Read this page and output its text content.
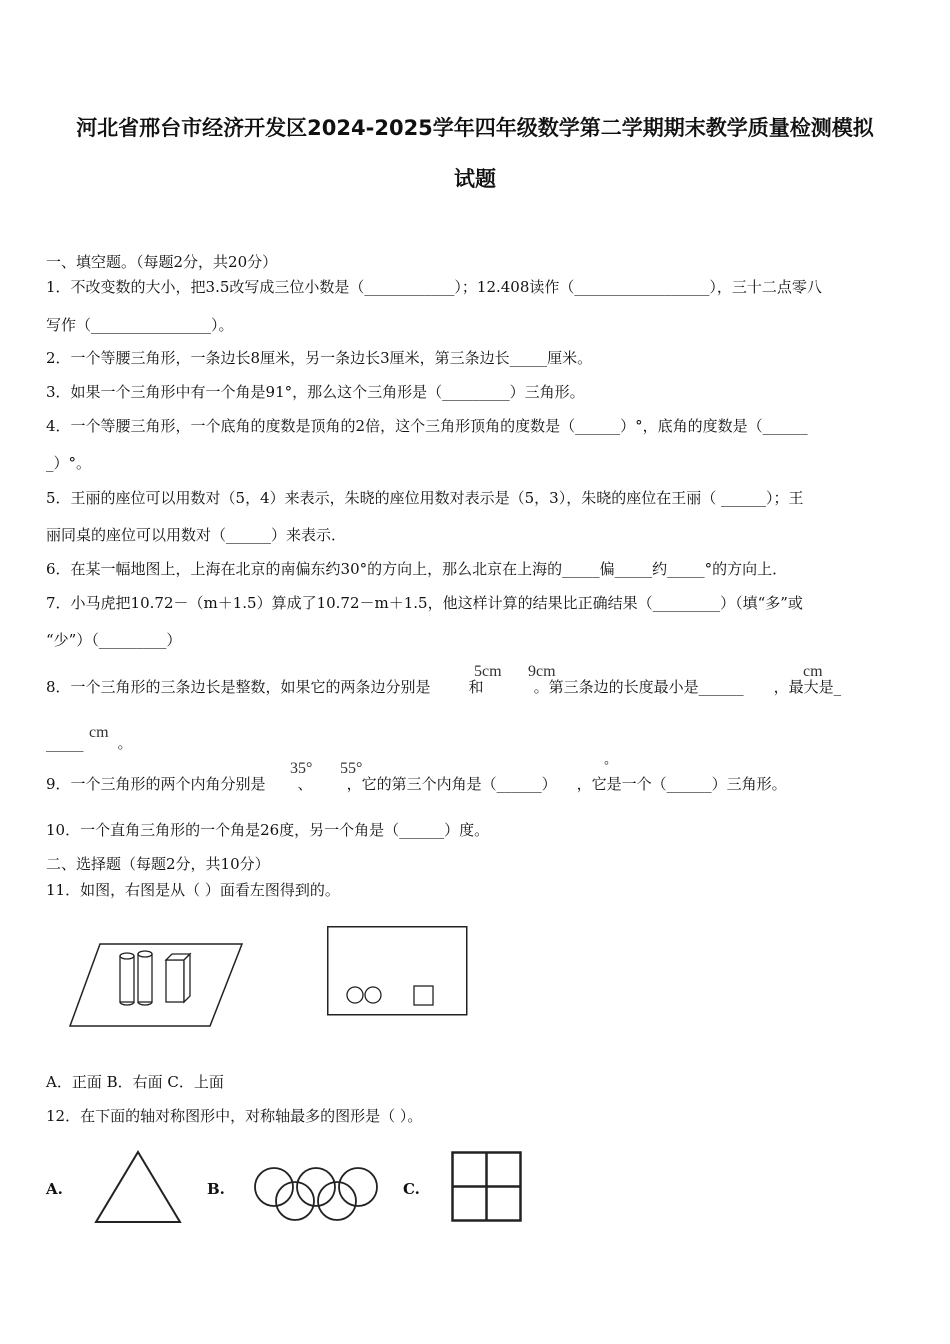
河北省邢台市经济开发区2024-2025学年四年级数学第二学期期末教学质量检测模拟
试题
一、填空题。（每题2分，共20分）
1．不改变数的大小，把3.5改写成三位小数是（____________）；12.408读作（__________________），三十二点零八
写作（________________）。
2．一个等腰三角形，一条边长8厘米，另一条边长3厘米，第三条边长_____厘米。
3．如果一个三角形中有一个角是91°，那么这个三角形是（_________）三角形。
4．一个等腰三角形，一个底角的度数是顶角的2倍，这个三角形顶角的度数是（______）°，底角的度数是（______
_）°。
5．王丽的座位可以用数对（5，4）来表示，朱晓的座位用数对表示是（5，3），朱晓的座位在王丽（ ______）；王
丽同桌的座位可以用数对（______）来表示．
6．在某一幅地图上，上海在北京的南偏东约30°的方向上，那么北京在上海的_____偏_____约_____°的方向上．
7．小马虎把10.72－（m＋1.5）算成了10.72－m＋1.5，他这样计算的结果比正确结果（_________）（填“多”或
“少”）（_________）
8．一个三角形的三条边长是整数，如果它的两条边分别是	和	。第三条边的长度最小是______ ，最大是_
5cm 9cm	cm
_____ 。
cm
9．一个三角形的两个内角分别是 、 ，它的第三个内角是（______） ，它是一个（______）三角形。
35° 55°	°
10．一个直角三角形的一个角是26度，另一个角是（______）度。
二、选择题（每题2分，共10分）
11．如图，右图是从（ ）面看左图得到的。
A．正面 B．右面 C．上面
12．在下面的轴对称图形中，对称轴最多的图形是（ ）。
A.	B.	C.
